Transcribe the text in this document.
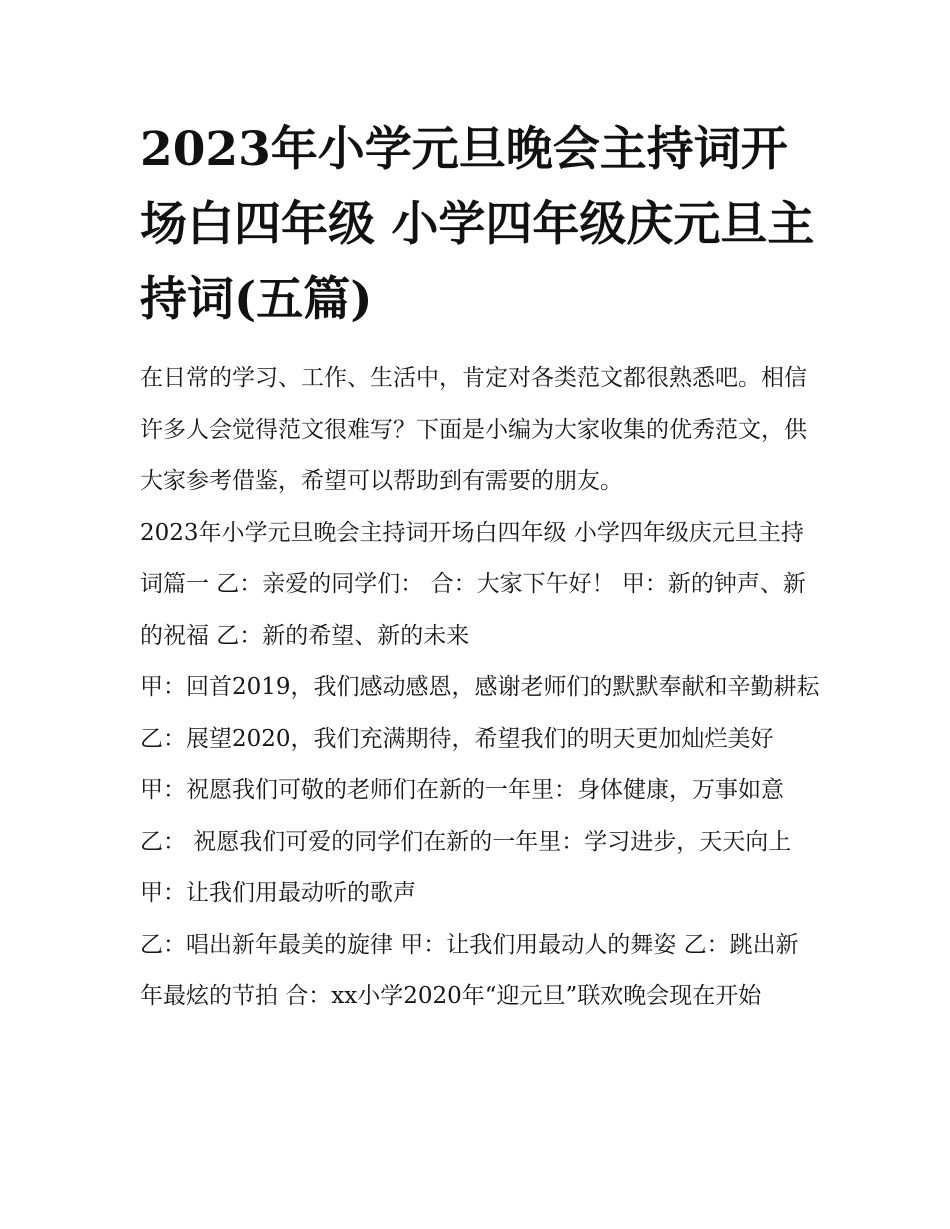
2023年小学元旦晚会主持词开场白四年级 小学四年级庆元旦主持词(五篇)

在日常的学习、工作、生活中，肯定对各类范文都很熟悉吧。相信许多人会觉得范文很难写？下面是小编为大家收集的优秀范文，供大家参考借鉴，希望可以帮助到有需要的朋友。

2023年小学元旦晚会主持词开场白四年级 小学四年级庆元旦主持词篇一 乙：亲爱的同学们： 合：大家下午好！ 甲：新的钟声、新的祝福 乙：新的希望、新的未来

甲：回首2019，我们感动感恩，感谢老师们的默默奉献和辛勤耕耘 乙：展望2020，我们充满期待，希望我们的明天更加灿烂美好

甲：祝愿我们可敬的老师们在新的一年里：身体健康，万事如意 乙： 祝愿我们可爱的同学们在新的一年里：学习进步，天天向上 甲：让我们用最动听的歌声

乙：唱出新年最美的旋律 甲：让我们用最动人的舞姿 乙：跳出新年最炫的节拍 合：xx小学2020年“迎元旦”联欢晚会现在开始
